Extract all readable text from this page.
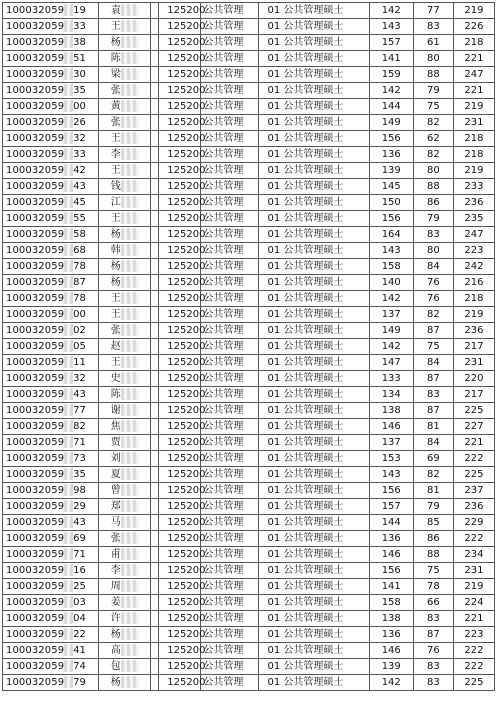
100032059 19	袁		125200	公共管理	01 公共管理硕士	142	77	219
100032059 33	王		125200	公共管理	01 公共管理硕士	143	83	226
100032059 38	杨		125200	公共管理	01 公共管理硕士	157	61	218
100032059 51	陈		125200	公共管理	01 公共管理硕士	141	80	221
100032059 30	梁		125200	公共管理	01 公共管理硕士	159	88	247
100032059 35	张		125200	公共管理	01 公共管理硕士	142	79	221
100032059 00	黄		125200	公共管理	01 公共管理硕士	144	75	219
100032059 26	张		125200	公共管理	01 公共管理硕士	149	82	231
100032059 32	王		125200	公共管理	01 公共管理硕士	156	62	218
100032059 33	李		125200	公共管理	01 公共管理硕士	136	82	218
100032059 42	王		125200	公共管理	01 公共管理硕士	139	80	219
100032059 43	钱		125200	公共管理	01 公共管理硕士	145	88	233
100032059 45	江		125200	公共管理	01 公共管理硕士	150	86	236
100032059 55	王		125200	公共管理	01 公共管理硕士	156	79	235
100032059 58	杨		125200	公共管理	01 公共管理硕士	164	83	247
100032059 68	韩		125200	公共管理	01 公共管理硕士	143	80	223
100032059 78	杨		125200	公共管理	01 公共管理硕士	158	84	242
100032059 87	杨		125200	公共管理	01 公共管理硕士	140	76	216
100032059 78	王		125200	公共管理	01 公共管理硕士	142	76	218
100032059 00	王		125200	公共管理	01 公共管理硕士	137	82	219
100032059 02	张		125200	公共管理	01 公共管理硕士	149	87	236
100032059 05	赵		125200	公共管理	01 公共管理硕士	142	75	217
100032059 11	王		125200	公共管理	01 公共管理硕士	147	84	231
100032059 32	史		125200	公共管理	01 公共管理硕士	133	87	220
100032059 43	陈		125200	公共管理	01 公共管理硕士	134	83	217
100032059 77	谢		125200	公共管理	01 公共管理硕士	138	87	225
100032059 82	焦		125200	公共管理	01 公共管理硕士	146	81	227
100032059 71	贾		125200	公共管理	01 公共管理硕士	137	84	221
100032059 73	刘		125200	公共管理	01 公共管理硕士	153	69	222
100032059 35	夏		125200	公共管理	01 公共管理硕士	143	82	225
100032059 98	曾		125200	公共管理	01 公共管理硕士	156	81	237
100032059 29	郑		125200	公共管理	01 公共管理硕士	157	79	236
100032059 43	马		125200	公共管理	01 公共管理硕士	144	85	229
100032059 69	张		125200	公共管理	01 公共管理硕士	136	86	222
100032059 71	甫		125200	公共管理	01 公共管理硕士	146	88	234
100032059 16	李		125200	公共管理	01 公共管理硕士	156	75	231
100032059 25	周		125200	公共管理	01 公共管理硕士	141	78	219
100032059 03	姜		125200	公共管理	01 公共管理硕士	158	66	224
100032059 04	许		125200	公共管理	01 公共管理硕士	138	83	221
100032059 22	杨		125200	公共管理	01 公共管理硕士	136	87	223
100032059 41	高		125200	公共管理	01 公共管理硕士	146	76	222
100032059 74	包		125200	公共管理	01 公共管理硕士	139	83	222
100032059 79	杨		125200	公共管理	01 公共管理硕士	142	83	225
